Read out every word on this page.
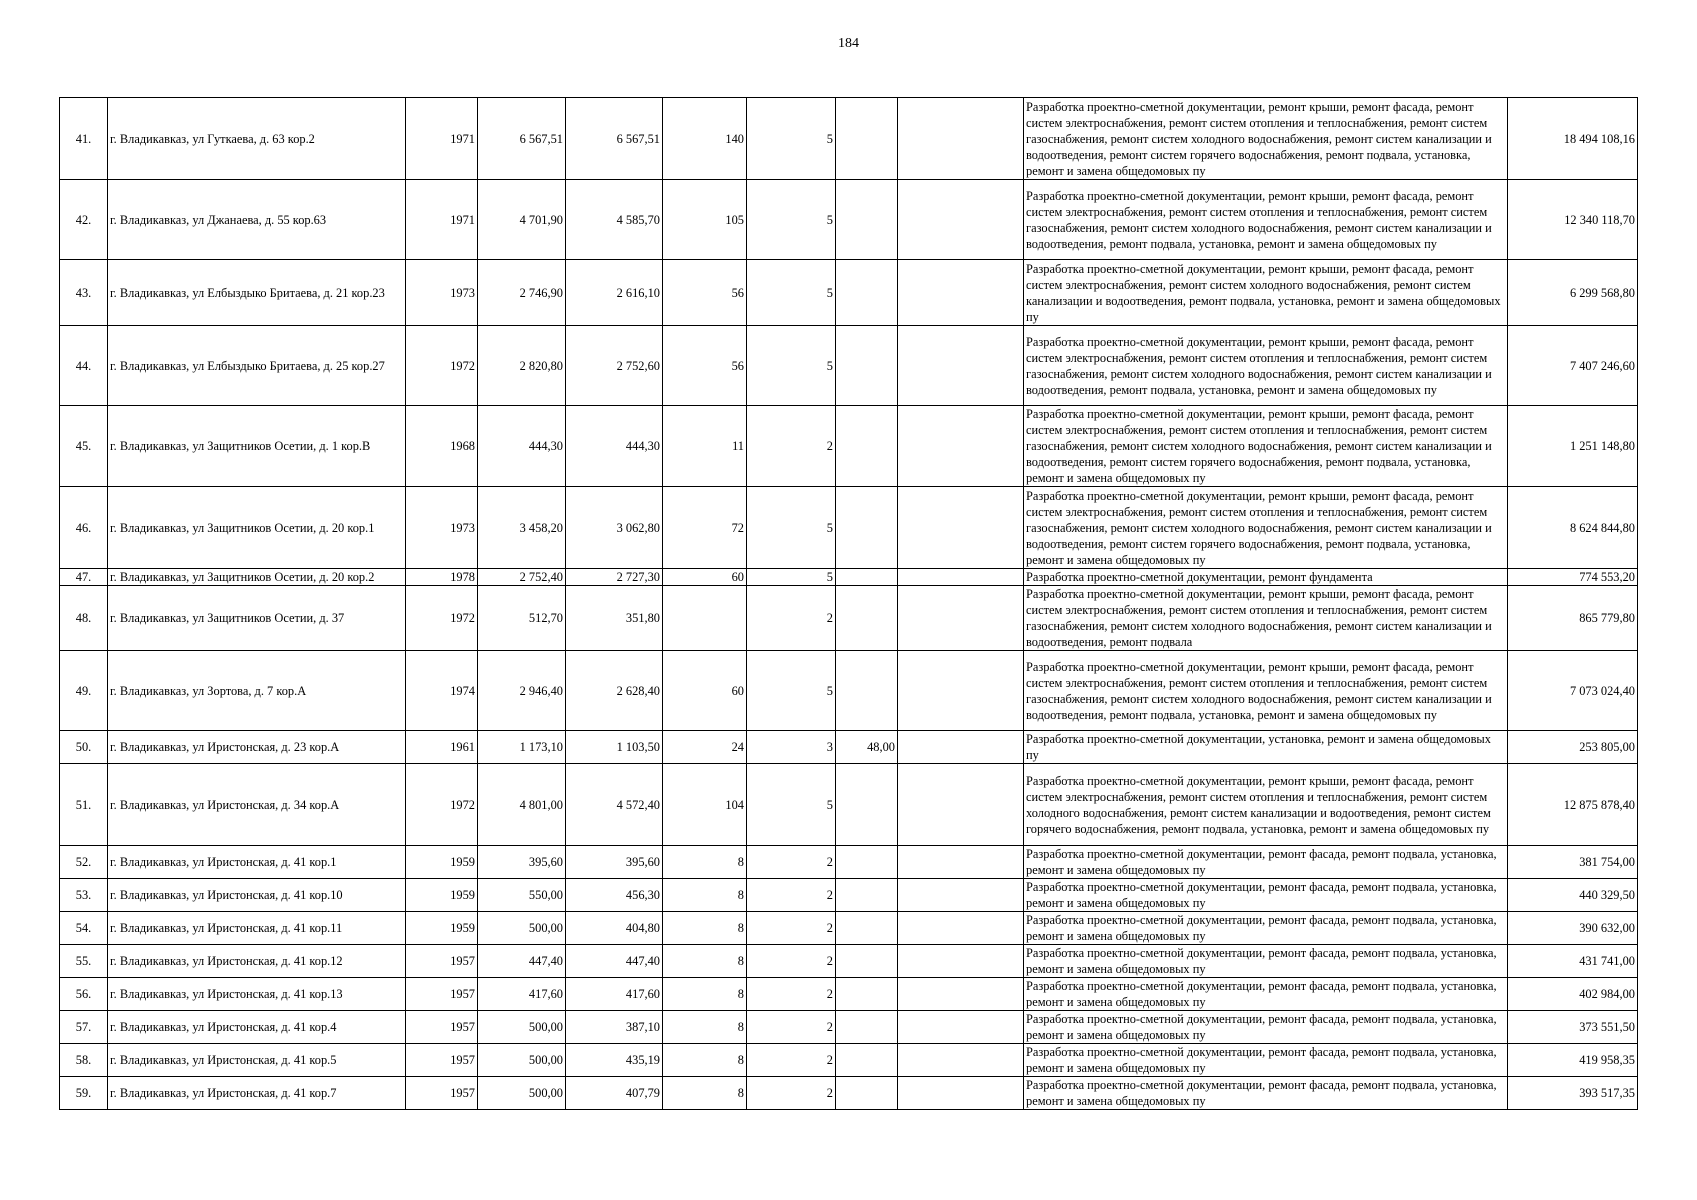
184
41.	г. Владикавказ, ул Гуткаева, д. 63 кор.2	1971	6 567,51	6 567,51	140	5			Разработка проектно-сметной документации, ремонт крыши, ремонт фасада, ремонт систем электроснабжения, ремонт систем отопления и теплоснабжения, ремонт систем газоснабжения, ремонт систем холодного водоснабжения, ремонт систем канализации и водоотведения, ремонт систем горячего водоснабжения, ремонт подвала, установка, ремонт и замена общедомовых пу	18 494 108,16
42.	г. Владикавказ, ул Джанаева, д. 55 кор.63	1971	4 701,90	4 585,70	105	5			Разработка проектно-сметной документации, ремонт крыши, ремонт фасада, ремонт систем электроснабжения, ремонт систем отопления и теплоснабжения, ремонт систем газоснабжения, ремонт систем холодного водоснабжения, ремонт систем канализации и водоотведения, ремонт подвала, установка, ремонт и замена общедомовых пу	12 340 118,70
43.	г. Владикавказ, ул Елбыздыко Бритаева, д. 21 кор.23	1973	2 746,90	2 616,10	56	5			Разработка проектно-сметной документации, ремонт крыши, ремонт фасада, ремонт систем электроснабжения, ремонт систем холодного водоснабжения, ремонт систем канализации и водоотведения, ремонт подвала, установка, ремонт и замена общедомовых пу	6 299 568,80
44.	г. Владикавказ, ул Елбыздыко Бритаева, д. 25 кор.27	1972	2 820,80	2 752,60	56	5			Разработка проектно-сметной документации, ремонт крыши, ремонт фасада, ремонт систем электроснабжения, ремонт систем отопления и теплоснабжения, ремонт систем газоснабжения, ремонт систем холодного водоснабжения, ремонт систем канализации и водоотведения, ремонт подвала, установка, ремонт и замена общедомовых пу	7 407 246,60
45.	г. Владикавказ, ул Защитников Осетии, д. 1 кор.В	1968	444,30	444,30	11	2			Разработка проектно-сметной документации, ремонт крыши, ремонт фасада, ремонт систем электроснабжения, ремонт систем отопления и теплоснабжения, ремонт систем газоснабжения, ремонт систем холодного водоснабжения, ремонт систем канализации и водоотведения, ремонт систем горячего водоснабжения, ремонт подвала, установка, ремонт и замена общедомовых пу	1 251 148,80
46.	г. Владикавказ, ул Защитников Осетии, д. 20 кор.1	1973	3 458,20	3 062,80	72	5			Разработка проектно-сметной документации, ремонт крыши, ремонт фасада, ремонт систем электроснабжения, ремонт систем отопления и теплоснабжения, ремонт систем газоснабжения, ремонт систем холодного водоснабжения, ремонт систем канализации и водоотведения, ремонт систем горячего водоснабжения, ремонт подвала, установка, ремонт и замена общедомовых пу	8 624 844,80
47.	г. Владикавказ, ул Защитников Осетии, д. 20 кор.2	1978	2 752,40	2 727,30	60	5			Разработка проектно-сметной документации, ремонт фундамента	774 553,20
48.	г. Владикавказ, ул Защитников Осетии, д. 37	1972	512,70	351,80		2			Разработка проектно-сметной документации, ремонт крыши, ремонт фасада, ремонт систем электроснабжения, ремонт систем отопления и теплоснабжения, ремонт систем газоснабжения, ремонт систем холодного водоснабжения, ремонт систем канализации и водоотведения, ремонт подвала	865 779,80
49.	г. Владикавказ, ул Зортова, д. 7 кор.А	1974	2 946,40	2 628,40	60	5			Разработка проектно-сметной документации, ремонт крыши, ремонт фасада, ремонт систем электроснабжения, ремонт систем отопления и теплоснабжения, ремонт систем газоснабжения, ремонт систем холодного водоснабжения, ремонт систем канализации и водоотведения, ремонт подвала, установка, ремонт и замена общедомовых пу	7 073 024,40
50.	г. Владикавказ, ул Иристонская, д. 23 кор.А	1961	1 173,10	1 103,50	24	3	48,00		Разработка проектно-сметной документации, установка, ремонт и замена общедомовых пу	253 805,00
51.	г. Владикавказ, ул Иристонская, д. 34 кор.А	1972	4 801,00	4 572,40	104	5			Разработка проектно-сметной документации, ремонт крыши, ремонт фасада, ремонт систем электроснабжения, ремонт систем отопления и теплоснабжения, ремонт систем холодного водоснабжения, ремонт систем канализации и водоотведения, ремонт систем горячего водоснабжения, ремонт подвала, установка, ремонт и замена общедомовых пу	12 875 878,40
52.	г. Владикавказ, ул Иристонская, д. 41 кор.1	1959	395,60	395,60	8	2			Разработка проектно-сметной документации, ремонт фасада, ремонт подвала, установка, ремонт и замена общедомовых пу	381 754,00
53.	г. Владикавказ, ул Иристонская, д. 41 кор.10	1959	550,00	456,30	8	2			Разработка проектно-сметной документации, ремонт фасада, ремонт подвала, установка, ремонт и замена общедомовых пу	440 329,50
54.	г. Владикавказ, ул Иристонская, д. 41 кор.11	1959	500,00	404,80	8	2			Разработка проектно-сметной документации, ремонт фасада, ремонт подвала, установка, ремонт и замена общедомовых пу	390 632,00
55.	г. Владикавказ, ул Иристонская, д. 41 кор.12	1957	447,40	447,40	8	2			Разработка проектно-сметной документации, ремонт фасада, ремонт подвала, установка, ремонт и замена общедомовых пу	431 741,00
56.	г. Владикавказ, ул Иристонская, д. 41 кор.13	1957	417,60	417,60	8	2			Разработка проектно-сметной документации, ремонт фасада, ремонт подвала, установка, ремонт и замена общедомовых пу	402 984,00
57.	г. Владикавказ, ул Иристонская, д. 41 кор.4	1957	500,00	387,10	8	2			Разработка проектно-сметной документации, ремонт фасада, ремонт подвала, установка, ремонт и замена общедомовых пу	373 551,50
58.	г. Владикавказ, ул Иристонская, д. 41 кор.5	1957	500,00	435,19	8	2			Разработка проектно-сметной документации, ремонт фасада, ремонт подвала, установка, ремонт и замена общедомовых пу	419 958,35
59.	г. Владикавказ, ул Иристонская, д. 41 кор.7	1957	500,00	407,79	8	2			Разработка проектно-сметной документации, ремонт фасада, ремонт подвала, установка, ремонт и замена общедомовых пу	393 517,35
